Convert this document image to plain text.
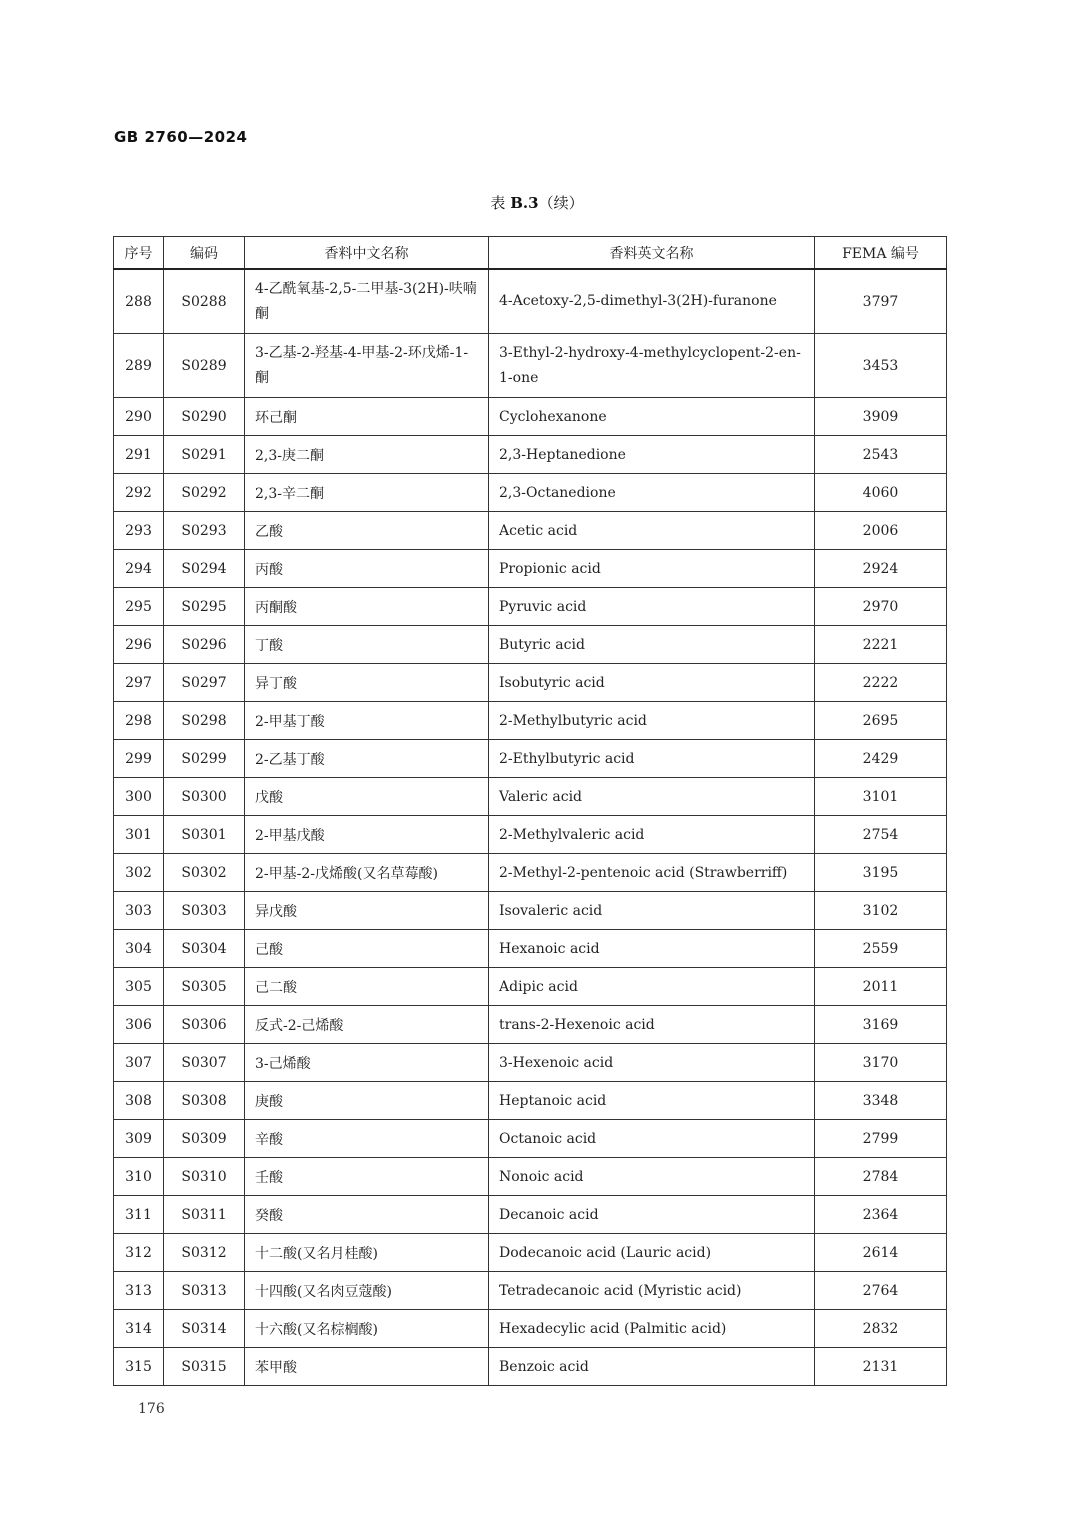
GB 2760—2024
表 B.3（续）
序号	编码	香料中文名称	香料英文名称	FEMA 编号
288	S0288	4-乙酰氧基-2,5-二甲基-3(2H)-呋喃酮	4-Acetoxy-2,5-dimethyl-3(2H)-furanone	3797
289	S0289	3-乙基-2-羟基-4-甲基-2-环戊烯-1-酮	3-Ethyl-2-hydroxy-4-methylcyclopent-2-en-1-one	3453
290	S0290	环己酮	Cyclohexanone	3909
291	S0291	2,3-庚二酮	2,3-Heptanedione	2543
292	S0292	2,3-辛二酮	2,3-Octanedione	4060
293	S0293	乙酸	Acetic acid	2006
294	S0294	丙酸	Propionic acid	2924
295	S0295	丙酮酸	Pyruvic acid	2970
296	S0296	丁酸	Butyric acid	2221
297	S0297	异丁酸	Isobutyric acid	2222
298	S0298	2-甲基丁酸	2-Methylbutyric acid	2695
299	S0299	2-乙基丁酸	2-Ethylbutyric acid	2429
300	S0300	戊酸	Valeric acid	3101
301	S0301	2-甲基戊酸	2-Methylvaleric acid	2754
302	S0302	2-甲基-2-戊烯酸(又名草莓酸)	2-Methyl-2-pentenoic acid (Strawberriff)	3195
303	S0303	异戊酸	Isovaleric acid	3102
304	S0304	己酸	Hexanoic acid	2559
305	S0305	己二酸	Adipic acid	2011
306	S0306	反式-2-己烯酸	trans-2-Hexenoic acid	3169
307	S0307	3-己烯酸	3-Hexenoic acid	3170
308	S0308	庚酸	Heptanoic acid	3348
309	S0309	辛酸	Octanoic acid	2799
310	S0310	壬酸	Nonoic acid	2784
311	S0311	癸酸	Decanoic acid	2364
312	S0312	十二酸(又名月桂酸)	Dodecanoic acid (Lauric acid)	2614
313	S0313	十四酸(又名肉豆蔻酸)	Tetradecanoic acid (Myristic acid)	2764
314	S0314	十六酸(又名棕榈酸)	Hexadecylic acid (Palmitic acid)	2832
315	S0315	苯甲酸	Benzoic acid	2131
176
